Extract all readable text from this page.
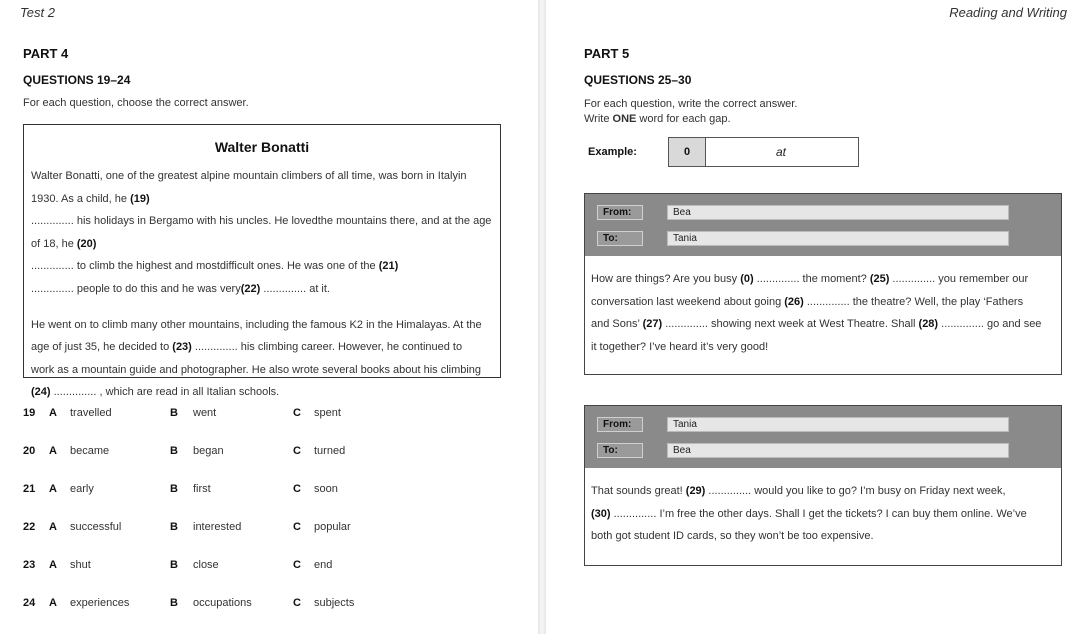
Test 2
PART 4
QUESTIONS 19–24
For each question, choose the correct answer.
Walter Bonatti

Walter Bonatti, one of the greatest alpine mountain climbers of all time, was born in Italyin 1930. As a child, he (19)
.............. his holidays in Bergamo with his uncles. He lovedthe mountains there, and at the age of 18, he (20)
.............. to climb the highest and mostdifficult ones. He was one of the (21)
.............. people to do this and he was very(22) .............. at it.

He went on to climb many other mountains, including the famous K2 in the Himalayas. At the
age of just 35, he decided to (23) .............. his climbing career. However, he continued to
work as a mountain guide and photographer. He also wrote several books about his climbing
(24) .............. , which are read in all Italian schools.

19 A travelled	B went	C spent
20 A became	B began	C turned
21 A early	B first	C soon
22 A successful	B interested	C popular
23 A shut	B close	C end
24 A experiences	B occupations	C subjects
Reading and Writing
PART 5
QUESTIONS 25–30
For each question, write the correct answer.
Write ONE word for each gap.
Example:	0	at
From:	Bea
To:	Tania
How are things? Are you busy (0) .............. the moment? (25) .............. you remember our
conversation last weekend about going (26) .............. the theatre? Well, the play ‘Fathers
and Sons’ (27) .............. showing next week at West Theatre. Shall (28) .............. go and see
it together? I’ve heard it’s very good!
From:	Tania
To:	Bea
That sounds great! (29) .............. would you like to go? I’m busy on Friday next week,
(30) .............. I’m free the other days. Shall I get the tickets? I can buy them online. We’ve
both got student ID cards, so they won’t be too expensive.
